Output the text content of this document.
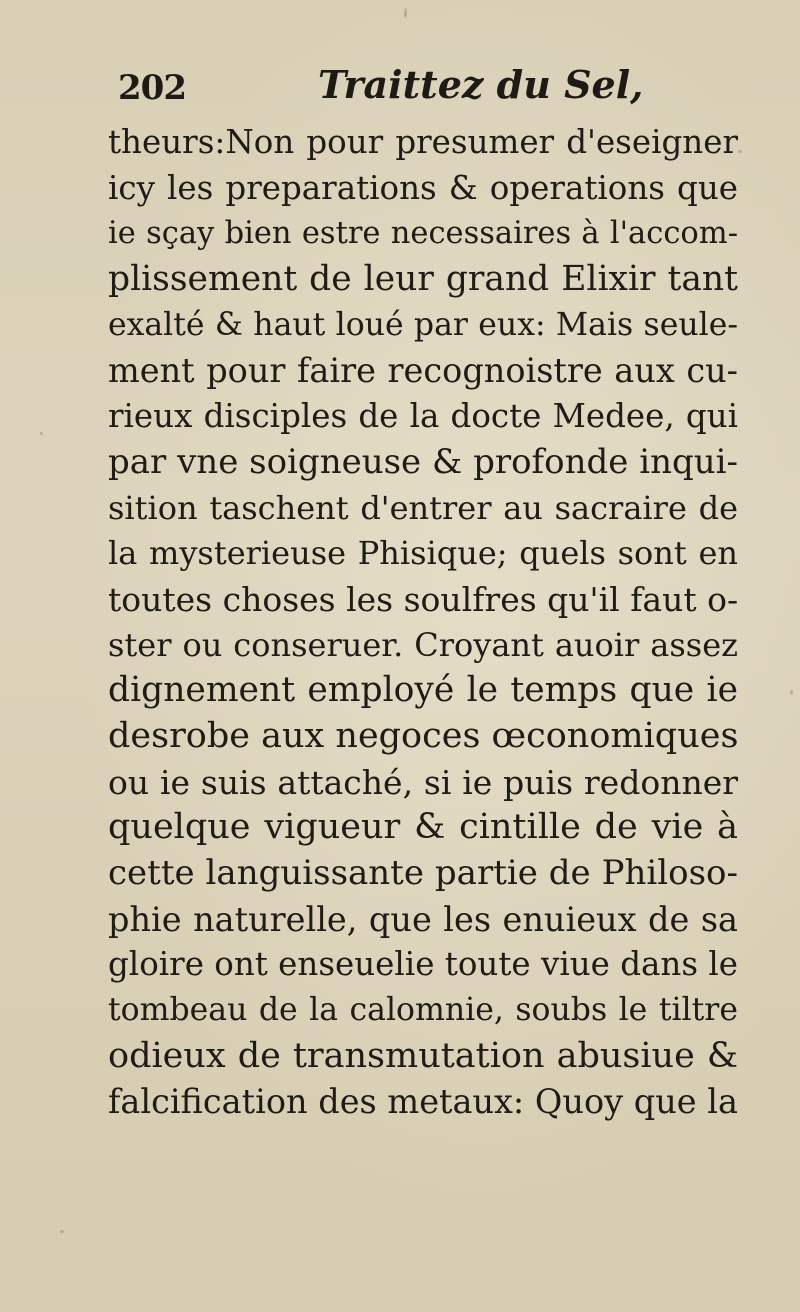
202	Traittez du Sel,
theurs:Non pour presumer d'eseigner
icy les preparations & operations que
ie sçay bien estre necessaires à l'accom-
plissement de leur grand Elixir tant
exalté & haut loué par eux: Mais seule-
ment pour faire recognoistre aux cu-
rieux disciples de la docte Medee, qui
par vne soigneuse & profonde inqui-
sition taschent d'entrer au sacraire de
la mysterieuse Phisique; quels sont en
toutes choses les soulfres qu'il faut o-
ster ou conseruer. Croyant auoir assez
dignement employé le temps que ie
desrobe aux negoces œconomiques
ou ie suis attaché, si ie puis redonner
quelque vigueur & cintille de vie à
cette languissante partie de Philoso-
phie naturelle, que les enuieux de sa
gloire ont enseuelie toute viue dans le
tombeau de la calomnie, soubs le tiltre
odieux de transmutation abusiue &
falcification des metaux: Quoy que la
